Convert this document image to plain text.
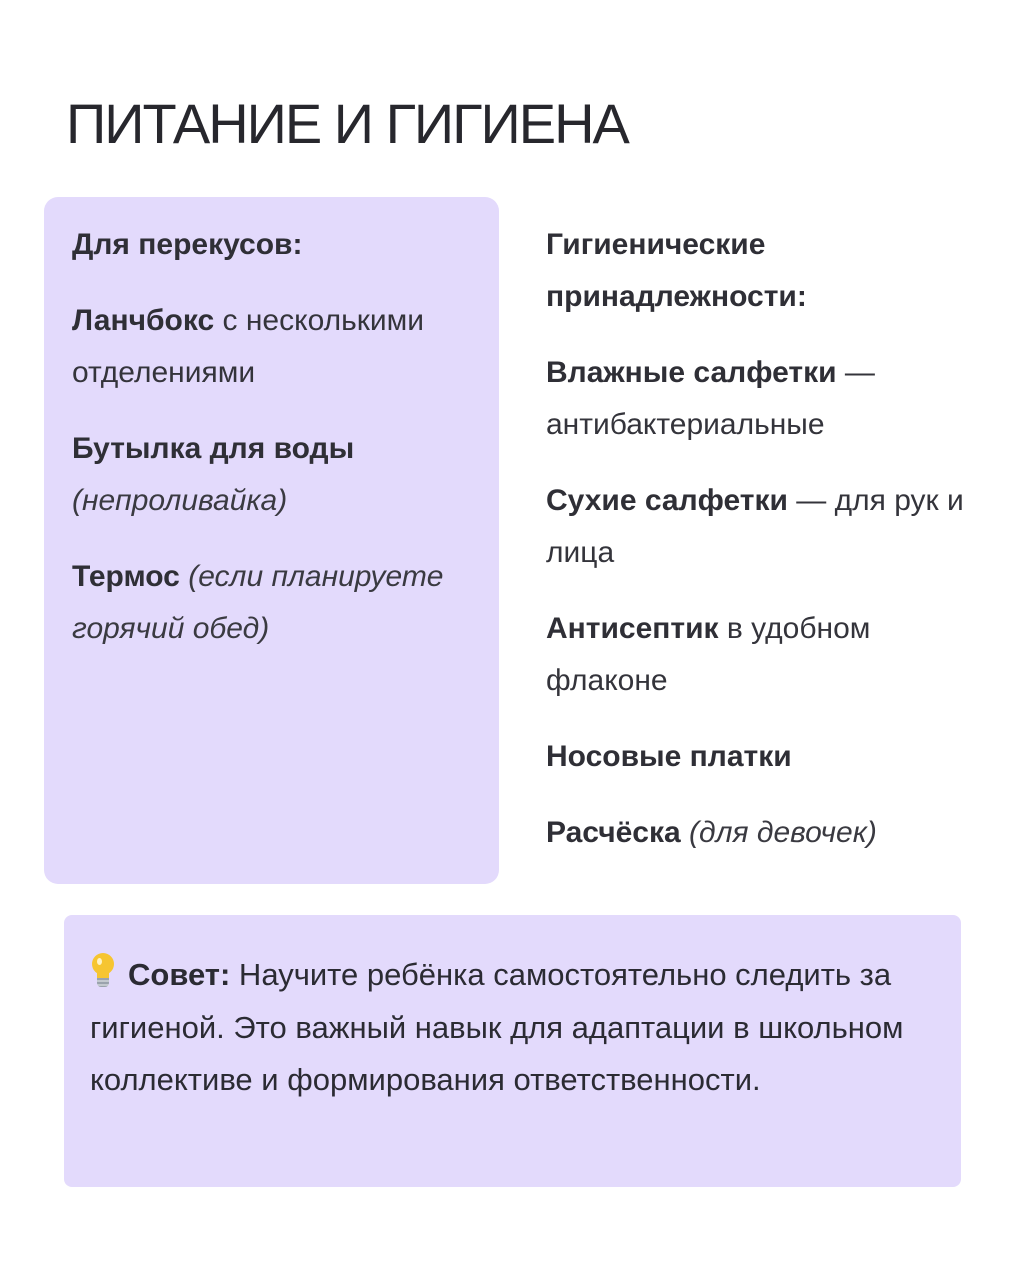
ПИТАНИЕ И ГИГИЕНА

Для перекусов:

Ланчбокс с несколькими отделениями

Бутылка для воды
(непроливайка)

Термос (если планируете горячий обед)

Гигиенические принадлежности:

Влажные салфетки — антибактериальные

Сухие салфетки — для рук и лица

Антисептик в удобном флаконе

Носовые платки

Расчёска (для девочек)

Совет: Научите ребёнка самостоятельно следить за гигиеной. Это важный навык для адаптации в школьном коллективе и формирования ответственности.
